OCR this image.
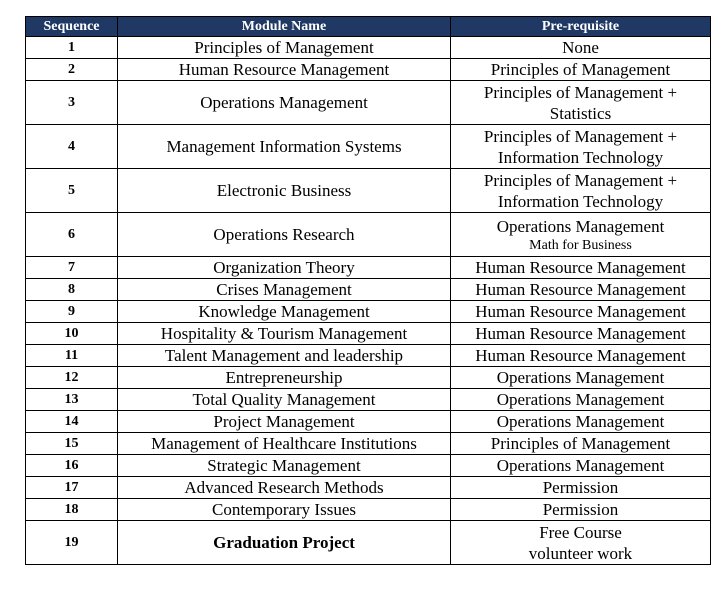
Sequence	Module Name	Pre-requisite
1	Principles of Management	None

2	Human Resource Management	Principles of Management

3	Operations Management	Principles of Management +
Statistics

4	Management Information Systems	Principles of Management +
Information Technology

5	Electronic Business	Principles of Management +
Information Technology

6	Operations Research	Operations Management
Math for Business

7	Organization Theory	Human Resource Management

8	Crises Management	Human Resource Management

9	Knowledge Management	Human Resource Management

10	Hospitality & Tourism Management	Human Resource Management

11	Talent Management and leadership	Human Resource Management

12	Entrepreneurship	Operations Management

13	Total Quality Management	Operations Management

14	Project Management	Operations Management

15	Management of Healthcare Institutions	Principles of Management

16	Strategic Management	Operations Management

17	Advanced Research Methods	Permission

18	Contemporary Issues	Permission

19	Graduation Project	Free Course
volunteer work
